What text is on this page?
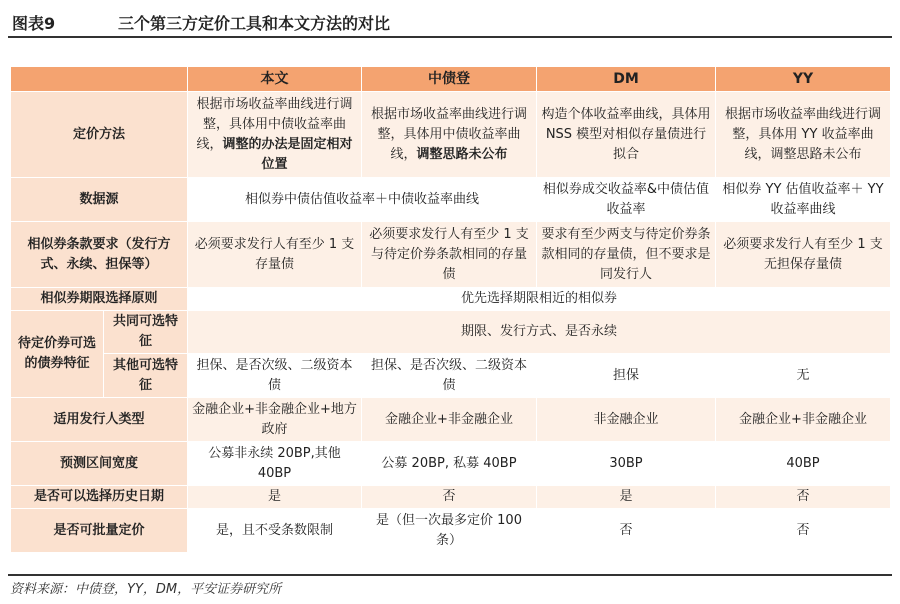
图表9	三个第三方定价工具和本文方法的对比
		本文	中债登	DM	YY
定价方法		根据市场收益率曲线进行调整，具体用中债收益率曲线，调整的办法是固定相对位置	根据市场收益率曲线进行调整，具体用中债收益率曲线，调整思路未公布	构造个体收益率曲线，具体用 NSS 模型对相似存量债进行拟合	根据市场收益率曲线进行调整，具体用 YY 收益率曲线，调整思路未公布
数据源		相似券中债估值收益率＋中债收益率曲线		相似券成交收益率&中债估值收益率	相似券 YY 估值收益率＋ YY 收益率曲线
相似券条款要求（发行方式、永续、担保等）		必须要求发行人有至少 1 支存量债	必须要求发行人有至少 1 支与待定价券条款相同的存量债	要求有至少两支与待定价券条款相同的存量债，但不要求是同发行人	必须要求发行人有至少 1 支无担保存量债
相似券期限选择原则		优先选择期限相近的相似券			
待定价券可选的债券特征	共同可选特征	期限、发行方式、是否永续			
	其他可选特征	担保、是否次级、二级资本债	担保、是否次级、二级资本债	担保	无
适用发行人类型		金融企业+非金融企业+地方政府	金融企业+非金融企业	非金融企业	金融企业+非金融企业
预测区间宽度		公募非永续 20BP,其他 40BP	公募 20BP, 私募 40BP	30BP	40BP
是否可以选择历史日期		是	否	是	否
是否可批量定价		是，且不受条数限制	是（但一次最多定价 100 条）	否	否
资料来源：中债登，YY，DM，平安证券研究所
